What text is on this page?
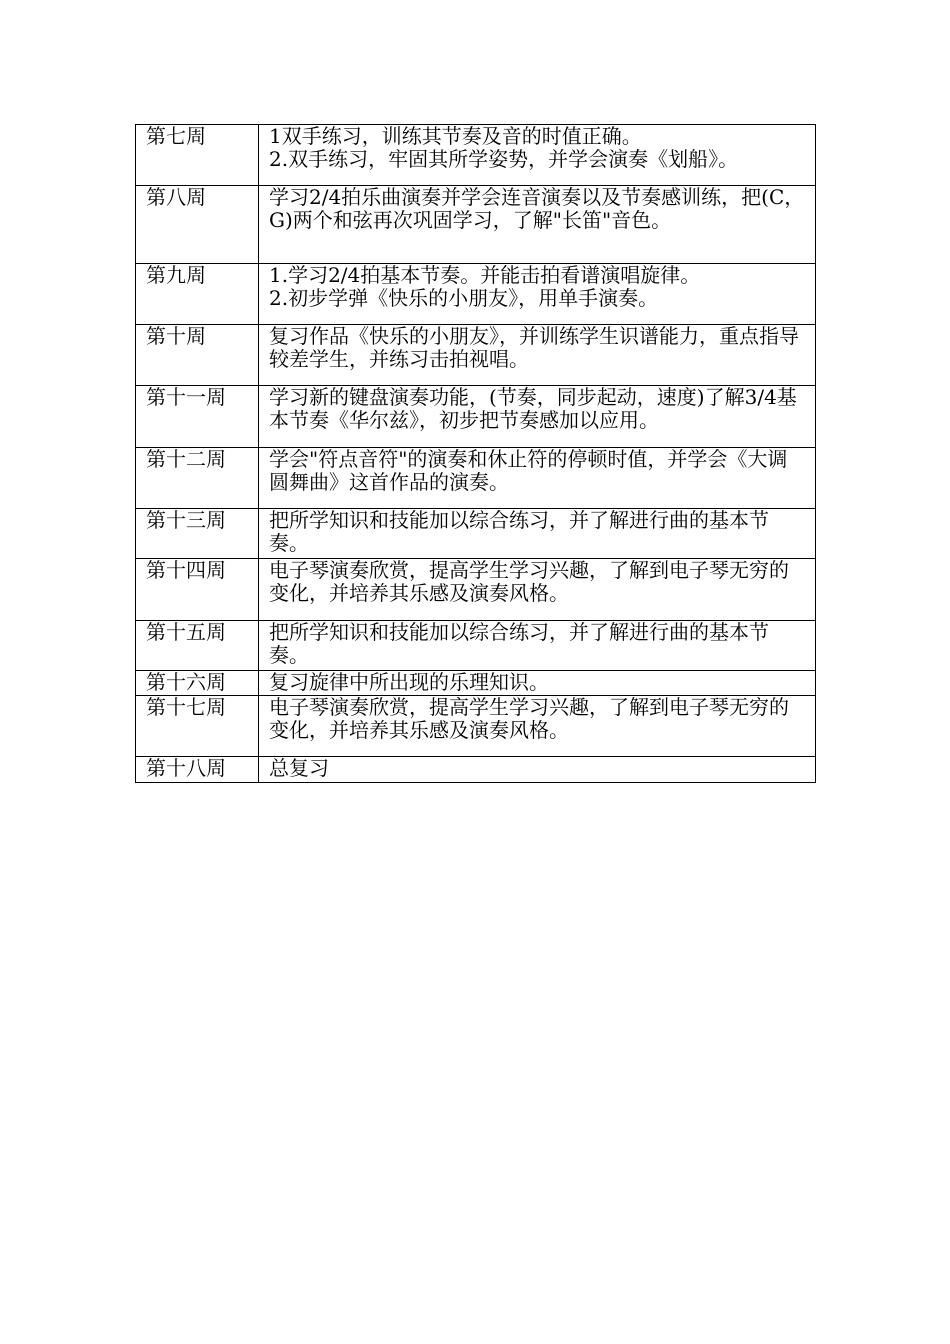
第七周	1双手练习，训练其节奏及音的时值正确。
2.双手练习，牢固其所学姿势，并学会演奏《划船》。
第八周	学习2/4拍乐曲演奏并学会连音演奏以及节奏感训练，把(C，G)两个和弦再次巩固学习，了解"长笛"音色。
第九周	1.学习2/4拍基本节奏。并能击拍看谱演唱旋律。
2.初步学弹《快乐的小朋友》，用单手演奏。
第十周	复习作品《快乐的小朋友》，并训练学生识谱能力，重点指导较差学生，并练习击拍视唱。
第十一周	学习新的键盘演奏功能，(节奏，同步起动，速度)了解3/4基本节奏《华尔兹》，初步把节奏感加以应用。
第十二周	学会"符点音符"的演奏和休止符的停顿时值，并学会《大调圆舞曲》这首作品的演奏。
第十三周	把所学知识和技能加以综合练习，并了解进行曲的基本节奏。
第十四周	电子琴演奏欣赏，提高学生学习兴趣，了解到电子琴无穷的变化，并培养其乐感及演奏风格。
第十五周	把所学知识和技能加以综合练习，并了解进行曲的基本节奏。
第十六周	复习旋律中所出现的乐理知识。
第十七周	电子琴演奏欣赏，提高学生学习兴趣，了解到电子琴无穷的变化，并培养其乐感及演奏风格。
第十八周	总复习
